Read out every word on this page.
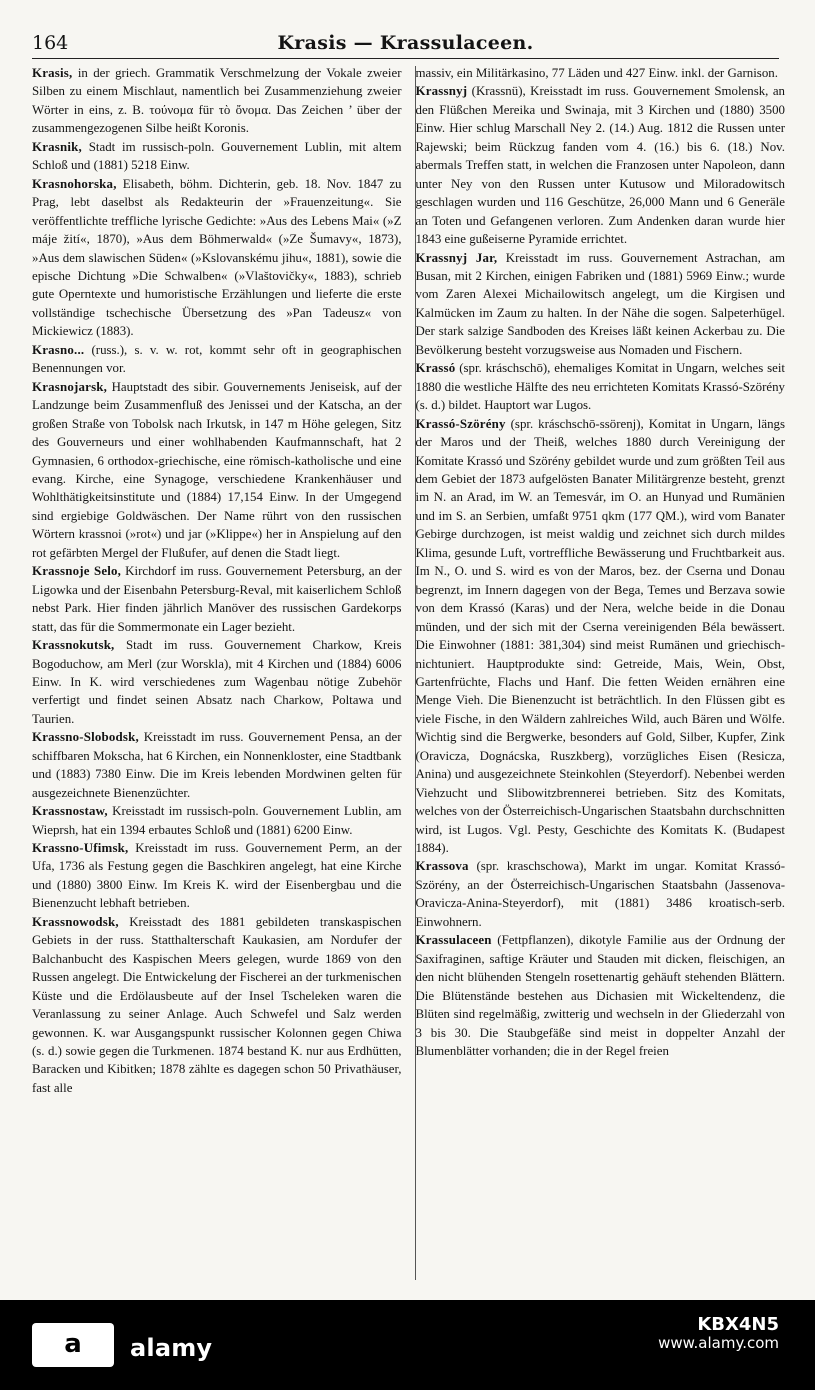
164	Krasis — Krassulaceen.

Krasis, in der griech. Grammatik Verschmelzung der Vokale zweier Silben zu einem Mischlaut, namentlich bei Zusammenziehung zweier Wörter in eins, z. B. τούνομα für τὸ ὄνομα. Das Zeichen ’ über der zusammengezogenen Silbe heißt Koronis.

Krasnik, Stadt im russisch-poln. Gouvernement Lublin, mit altem Schloß und (1881) 5218 Einw.

Krasnohorska, Elisabeth, böhm. Dichterin, geb. 18. Nov. 1847 zu Prag, lebt daselbst als Redakteurin der »Frauenzeitung«. Sie veröffentlichte treffliche lyrische Gedichte: »Aus des Lebens Mai« (»Z máje žití«, 1870), »Aus dem Böhmerwald« (»Ze Šumavy«, 1873), »Aus dem slawischen Süden« (»Kslovanskému jihu«, 1881), sowie die epische Dichtung »Die Schwalben« (»Vlaštovičky«, 1883), schrieb gute Operntexte und humoristische Erzählungen und lieferte die erste vollständige tschechische Übersetzung des »Pan Tadeusz« von Mickiewicz (1883).

Krasno... (russ.), s. v. w. rot, kommt sehr oft in geographischen Benennungen vor.

Krasnojarsk, Hauptstadt des sibir. Gouvernements Jeniseisk, auf der Landzunge beim Zusammenfluß des Jenissei und der Katscha, an der großen Straße von Tobolsk nach Irkutsk, in 147 m Höhe gelegen, Sitz des Gouverneurs und einer wohlhabenden Kaufmannschaft, hat 2 Gymnasien, 6 orthodox-griechische, eine römisch-katholische und eine evang. Kirche, eine Synagoge, verschiedene Krankenhäuser und Wohlthätigkeitsinstitute und (1884) 17,154 Einw. In der Umgegend sind ergiebige Goldwäschen. Der Name rührt von den russischen Wörtern krassnoi (»rot«) und jar (»Klippe«) her in Anspielung auf den rot gefärbten Mergel der Flußufer, auf denen die Stadt liegt.

Krassnoje Selo, Kirchdorf im russ. Gouvernement Petersburg, an der Ligowka und der Eisenbahn Petersburg-Reval, mit kaiserlichem Schloß nebst Park. Hier finden jährlich Manöver des russischen Gardekorps statt, das für die Sommermonate ein Lager bezieht.

Krassnokutsk, Stadt im russ. Gouvernement Charkow, Kreis Bogoduchow, am Merl (zur Worskla), mit 4 Kirchen und (1884) 6006 Einw. In K. wird verschiedenes zum Wagenbau nötige Zubehör verfertigt und findet seinen Absatz nach Charkow, Poltawa und Taurien.

Krassno-Slobodsk, Kreisstadt im russ. Gouvernement Pensa, an der schiffbaren Mokscha, hat 6 Kirchen, ein Nonnenkloster, eine Stadtbank und (1883) 7380 Einw. Die im Kreis lebenden Mordwinen gelten für ausgezeichnete Bienenzüchter.

Krassnostaw, Kreisstadt im russisch-poln. Gouvernement Lublin, am Wieprsh, hat ein 1394 erbautes Schloß und (1881) 6200 Einw.

Krassno-Ufimsk, Kreisstadt im russ. Gouvernement Perm, an der Ufa, 1736 als Festung gegen die Baschkiren angelegt, hat eine Kirche und (1880) 3800 Einw. Im Kreis K. wird der Eisenbergbau und die Bienenzucht lebhaft betrieben.

Krassnowodsk, Kreisstadt des 1881 gebildeten transkaspischen Gebiets in der russ. Statthalterschaft Kaukasien, am Nordufer der Balchanbucht des Kaspischen Meers gelegen, wurde 1869 von den Russen angelegt. Die Entwickelung der Fischerei an der turkmenischen Küste und die Erdölausbeute auf der Insel Tscheleken waren die Veranlassung zu seiner Anlage. Auch Schwefel und Salz werden gewonnen. K. war Ausgangspunkt russischer Kolonnen gegen Chiwa (s. d.) sowie gegen die Turkmenen. 1874 bestand K. nur aus Erdhütten, Baracken und Kibitken; 1878 zählte es dagegen schon 50 Privathäuser, fast alle

massiv, ein Militärkasino, 77 Läden und 427 Einw. inkl. der Garnison.

Krassnyj (Krassnü), Kreisstadt im russ. Gouvernement Smolensk, an den Flüßchen Mereika und Swinaja, mit 3 Kirchen und (1880) 3500 Einw. Hier schlug Marschall Ney 2. (14.) Aug. 1812 die Russen unter Rajewski; beim Rückzug fanden vom 4. (16.) bis 6. (18.) Nov. abermals Treffen statt, in welchen die Franzosen unter Napoleon, dann unter Ney von den Russen unter Kutusow und Miloradowitsch geschlagen wurden und 116 Geschütze, 26,000 Mann und 6 Generäle an Toten und Gefangenen verloren. Zum Andenken daran wurde hier 1843 eine gußeiserne Pyramide errichtet.

Krassnyj Jar, Kreisstadt im russ. Gouvernement Astrachan, am Busan, mit 2 Kirchen, einigen Fabriken und (1881) 5969 Einw.; wurde vom Zaren Alexei Michailowitsch angelegt, um die Kirgisen und Kalmücken im Zaum zu halten. In der Nähe die sogen. Salpeterhügel. Der stark salzige Sandboden des Kreises läßt keinen Ackerbau zu. Die Bevölkerung besteht vorzugsweise aus Nomaden und Fischern.

Krassó (spr. kráschschō), ehemaliges Komitat in Ungarn, welches seit 1880 die westliche Hälfte des neu errichteten Komitats Krassó-Szörény (s. d.) bildet. Hauptort war Lugos.

Krassó-Szörény (spr. kráschschō-ssörenj), Komitat in Ungarn, längs der Maros und der Theiß, welches 1880 durch Vereinigung der Komitate Krassó und Szörény gebildet wurde und zum größten Teil aus dem Gebiet der 1873 aufgelösten Banater Militärgrenze besteht, grenzt im N. an Arad, im W. an Temesvár, im O. an Hunyad und Rumänien und im S. an Serbien, umfaßt 9751 qkm (177 QM.), wird vom Banater Gebirge durchzogen, ist meist waldig und zeichnet sich durch mildes Klima, gesunde Luft, vortreffliche Bewässerung und Fruchtbarkeit aus. Im N., O. und S. wird es von der Maros, bez. der Cserna und Donau begrenzt, im Innern dagegen von der Bega, Temes und Berzava sowie von dem Krassó (Karas) und der Nera, welche beide in die Donau münden, und der sich mit der Cserna vereinigenden Béla bewässert. Die Einwohner (1881: 381,304) sind meist Rumänen und griechisch-nichtuniert. Hauptprodukte sind: Getreide, Mais, Wein, Obst, Gartenfrüchte, Flachs und Hanf. Die fetten Weiden ernähren eine Menge Vieh. Die Bienenzucht ist beträchtlich. In den Flüssen gibt es viele Fische, in den Wäldern zahlreiches Wild, auch Bären und Wölfe. Wichtig sind die Bergwerke, besonders auf Gold, Silber, Kupfer, Zink (Oravicza, Dognácska, Ruszkberg), vorzügliches Eisen (Resicza, Anina) und ausgezeichnete Steinkohlen (Steyerdorf). Nebenbei werden Viehzucht und Slibowitzbrennerei betrieben. Sitz des Komitats, welches von der Österreichisch-Ungarischen Staatsbahn durchschnitten wird, ist Lugos. Vgl. Pesty, Geschichte des Komitats K. (Budapest 1884).

Krassova (spr. kraschschowa), Markt im ungar. Komitat Krassó-Szörény, an der Österreichisch-Ungarischen Staatsbahn (Jassenova-Oravicza-Anina-Steyerdorf), mit (1881) 3486 kroatisch-serb. Einwohnern.

Krassulaceen (Fettpflanzen), dikotyle Familie aus der Ordnung der Saxifraginen, saftige Kräuter und Stauden mit dicken, fleischigen, an den nicht blühenden Stengeln rosettenartig gehäuft stehenden Blättern. Die Blütenstände bestehen aus Dichasien mit Wickeltendenz, die Blüten sind regelmäßig, zwitterig und wechseln in der Gliederzahl von 3 bis 30. Die Staubgefäße sind meist in doppelter Anzahl der Blumenblätter vorhanden; die in der Regel freien

a	alamy
KBX4N5
www.alamy.com
